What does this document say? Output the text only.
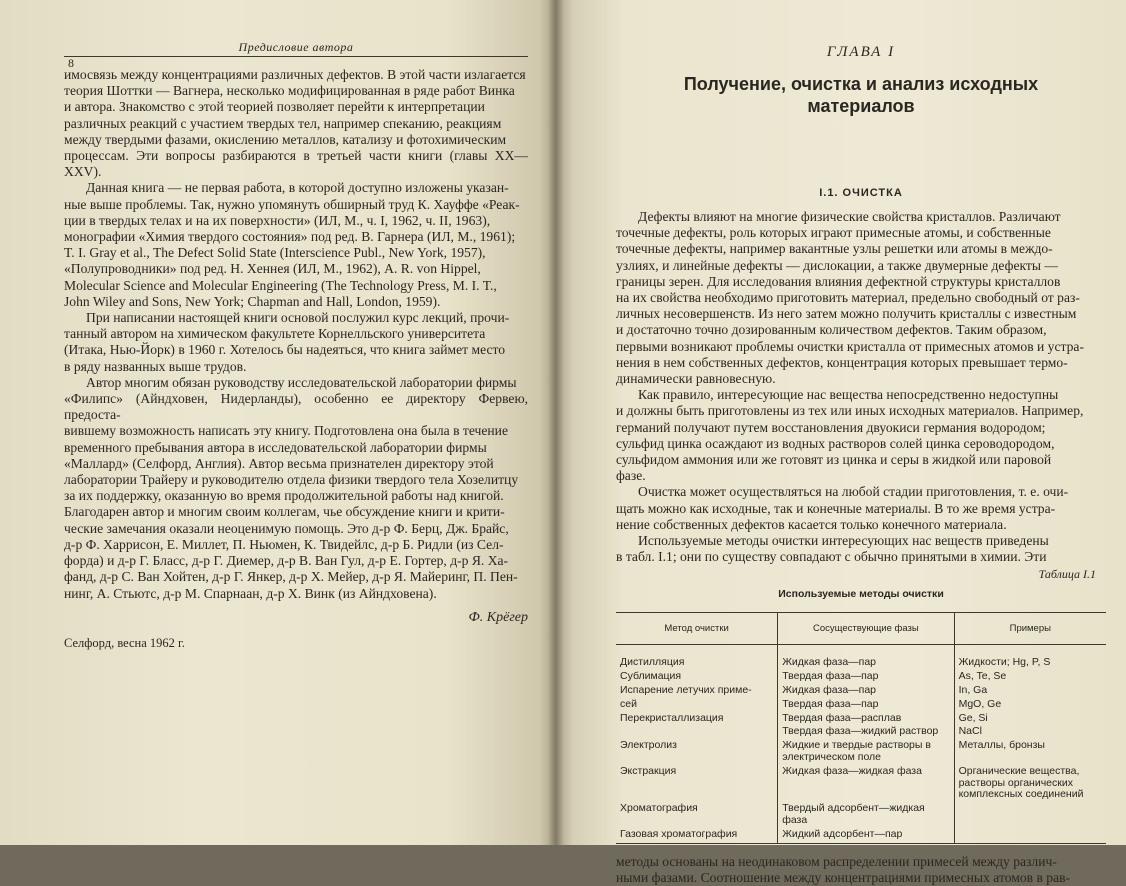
8
Предисловие автора

имосвязь между концентрациями различных дефектов. В этой части излагается

теория Шоттки — Вагнера, несколько модифицированная в ряде работ Винка

и автора. Знакомство с этой теорией позволяет перейти к интерпретации

различных реакций с участием твердых тел, например спеканию, реакциям

между твердыми фазами, окислению металлов, катализу и фотохимическим

процессам. Эти вопросы разбираются в третьей части книги (главы XX—XXV).

Данная книга — не первая работа, в которой доступно изложены указан-

ные выше проблемы. Так, нужно упомянуть обширный труд К. Хауффе «Реак-

ции в твердых телах и на их поверхности» (ИЛ, М., ч. I, 1962, ч. II, 1963),

монографии «Химия твердого состояния» под ред. В. Гарнера (ИЛ, М., 1961);

T. I. Gray et al., The Defect Solid State (Interscience Publ., New York, 1957),

«Полупроводники» под ред. Н. Хеннея (ИЛ, М., 1962), A. R. von Hippel,

Molecular Science and Molecular Engineering (The Technology Press, M. I. T.,

John Wiley and Sons, New York; Chapman and Hall, London, 1959).

При написании настоящей книги основой послужил курс лекций, прочи-

танный автором на химическом факультете Корнелльского университета

(Итака, Нью-Йорк) в 1960 г. Хотелось бы надеяться, что книга займет место

в ряду названных выше трудов.

Автор многим обязан руководству исследовательской лаборатории фирмы

«Филипс» (Айндховен, Нидерланды), особенно ее директору Фервею, предоста-

вившему возможность написать эту книгу. Подготовлена она была в течение

временного пребывания автора в исследовательской лаборатории фирмы

«Маллард» (Селфорд, Англия). Автор весьма признателен директору этой

лаборатории Трайеру и руководителю отдела физики твердого тела Хозелитцу

за их поддержку, оказанную во время продолжительной работы над книгой.

Благодарен автор и многим своим коллегам, чье обсуждение книги и крити-

ческие замечания оказали неоценимую помощь. Это д-р Ф. Берц, Дж. Брайс,

д-р Ф. Харрисон, Е. Миллет, П. Ньюмен, К. Твидейлс, д-р Б. Ридли (из Сел-

форда) и д-р Г. Бласс, д-р Г. Диемер, д-р В. Ван Гул, д-р Е. Гортер, д-р Я. Ха-

фанд, д-р С. Ван Хойтен, д-р Г. Янкер, д-р Х. Мейер, д-р Я. Майеринг, П. Пен-

нинг, А. Стьютс, д-р М. Спарнаан, д-р Х. Винк (из Айндховена).

Ф. Крёгер
Селфорд, весна 1962 г.
ГЛАВА I
Получение, очистка и анализ исходных материалов
I.1. ОЧИСТКА

Дефекты влияют на многие физические свойства кристаллов. Различают

точечные дефекты, роль которых играют примесные атомы, и собственные

точечные дефекты, например вакантные узлы решетки или атомы в междо-

узлиях, и линейные дефекты — дислокации, а также двумерные дефекты —

границы зерен. Для исследования влияния дефектной структуры кристаллов

на их свойства необходимо приготовить материал, предельно свободный от раз-

личных несовершенств. Из него затем можно получить кристаллы с известным

и достаточно точно дозированным количеством дефектов. Таким образом,

первыми возникают проблемы очистки кристалла от примесных атомов и устра-

нения в нем собственных дефектов, концентрация которых превышает термо-

динамически равновесную.

Как правило, интересующие нас вещества непосредственно недоступны

и должны быть приготовлены из тех или иных исходных материалов. Например,

германий получают путем восстановления двуокиси германия водородом;

сульфид цинка осаждают из водных растворов солей цинка сероводородом,

сульфидом аммония или же готовят из цинка и серы в жидкой или паровой

фазе.

Очистка может осуществляться на любой стадии приготовления, т. е. очи-

щать можно как исходные, так и конечные материалы. В то же время устра-

нение собственных дефектов касается только конечного материала.

Используемые методы очистки интересующих нас веществ приведены

в табл. I.1; они по существу совпадают с обычно принятыми в химии. Эти

Таблица I.1
Используемые методы очистки
Метод очистки	Сосуществующие фазы	Примеры
Дистилляция	Жидкая фаза—пар	Жидкости; Hg, P, S
Сублимация	Твердая фаза—пар	As, Te, Se
Испарение летучих приме-	Жидкая фаза—пар	In, Ga
сей	Твердая фаза—пар	MgO, Ge
Перекристаллизация	Твердая фаза—расплав	Ge, Si
	Твердая фаза—жидкий раствор	NaCl
Электролиз	Жидкие и твердые растворы в электрическом поле	Металлы, бронзы
Экстракция	Жидкая фаза—жидкая фаза	Органические вещества, растворы органических комплексных соединений
Хроматография	Твердый адсорбент—жидкая фаза	
Газовая хроматография	Жидкий адсорбент—пар	

методы основаны на неодинаковом распределении примесей между различ-

ными фазами. Соотношение между концентрациями примесных атомов в рав-
